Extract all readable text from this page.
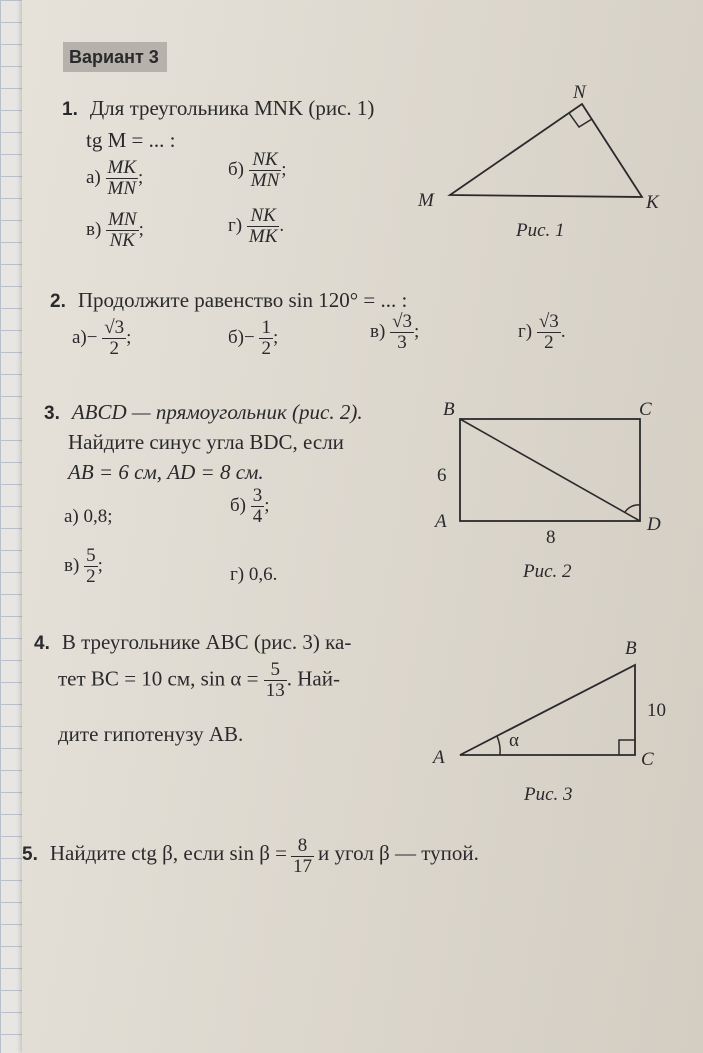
Вариант 3
1. Для треугольника MNK (рис. 1)
tg M = ... :
$а) \frac{MK}{MN}$ ;	$б) \frac{NK}{MN}$ ;
$в) \frac{MN}{NK}$ ;	$г) \frac{NK}{MK}$ .
N
M	K
Рис. 1
2. Продолжите равенство sin 120° = ... :
$а)- \frac{√3}{2}$ ;	$б)- \frac{1}{2}$ ;	$в) \frac{√3}{3}$ ;	$г) \frac{√3}{2}$ .
3. ABCD — прямоугольник (рис. 2).
Найдите синус угла BDC, если
AB = 6 см, AD = 8 см.
а) 0,8;
$б) \frac{3}{4}$ ;
$в) \frac{5}{2}$ ;	г) 0,6.
B	C
A	D
6
8
Рис. 2
4. В треугольнике ABC (рис. 3) ка-
тет BC = 10 см, $\sin \alpha = \frac{5}{13}$ . Най-
дите гипотенузу AB.
B
A	C
10
α
Рис. 3
5. Найдите ctg β, если $\sin \beta = \frac{8}{17}$ и угол β — тупой.
